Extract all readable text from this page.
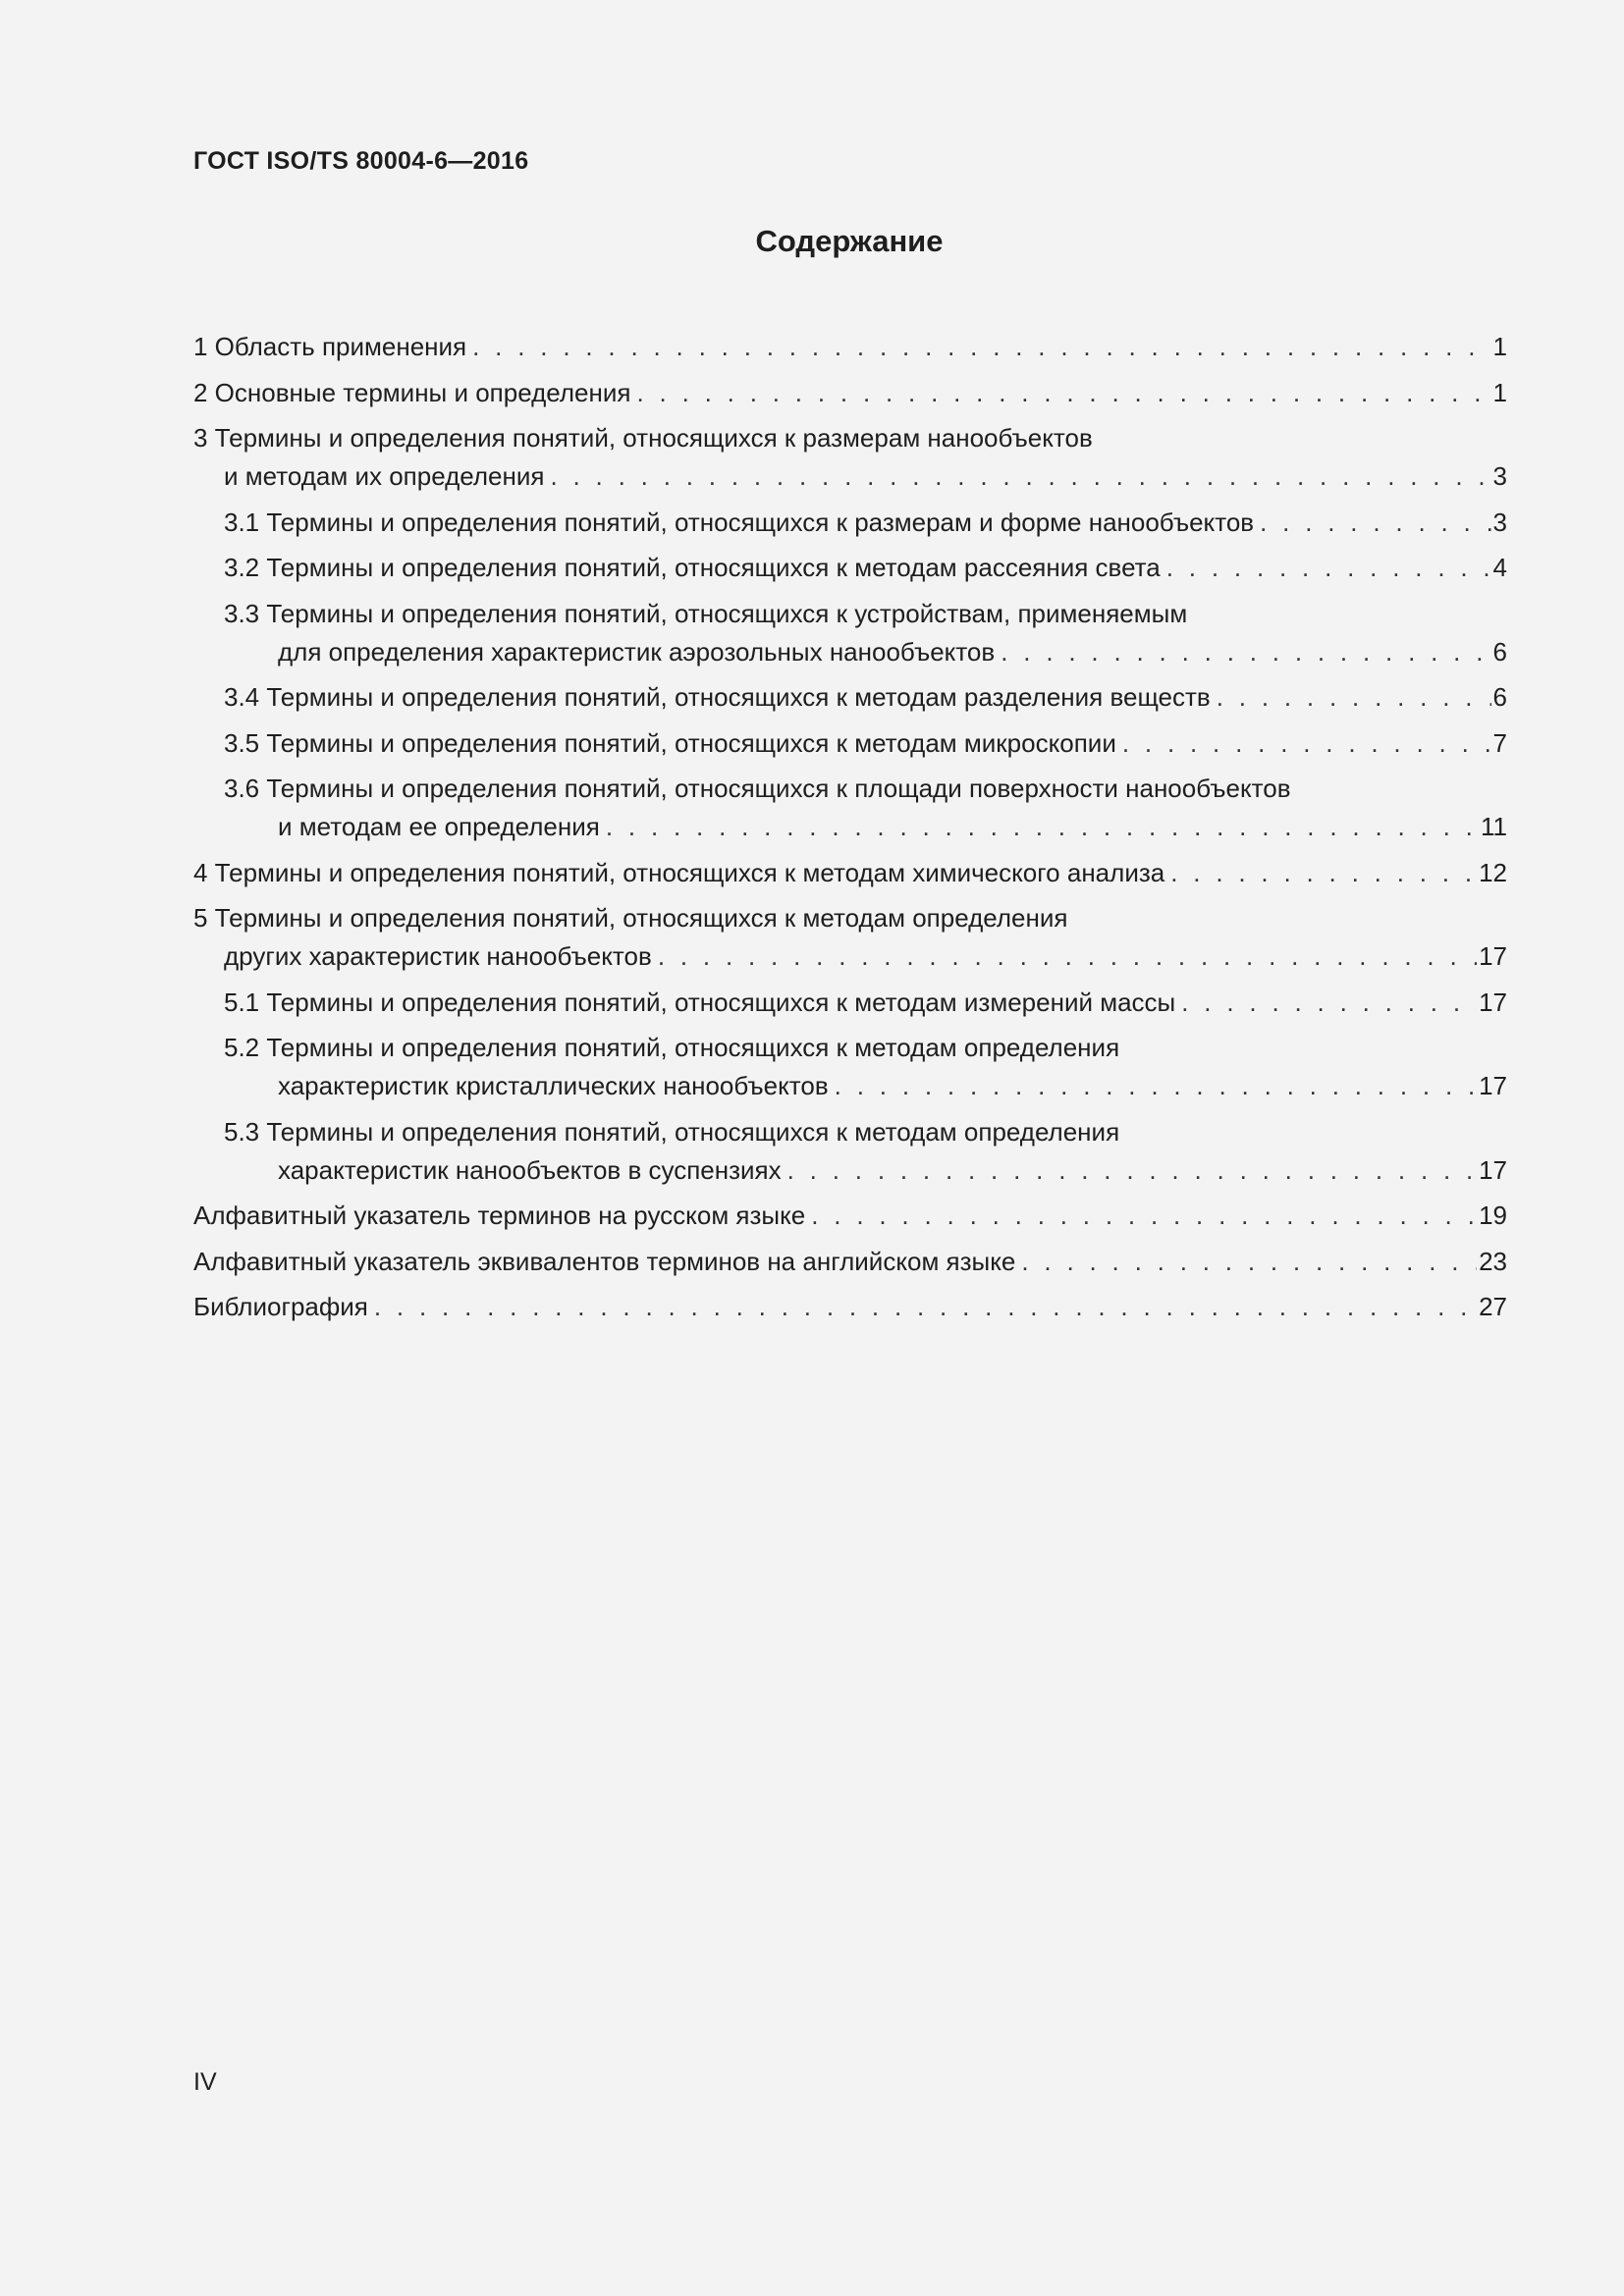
ГОСТ ISO/TS 80004-6—2016
Содержание
1 Область применения . . .	1
2 Основные термины и определения . . .	1
3 Термины и определения понятий, относящихся к размерам нанообъектов
и методам их определения . . .	3
3.1 Термины и определения понятий, относящихся к размерам и форме нанообъектов . . .	3
3.2 Термины и определения понятий, относящихся к методам рассеяния света . . .	4
3.3 Термины и определения понятий, относящихся к устройствам, применяемым
для определения характеристик аэрозольных нанообъектов . . .	6
3.4 Термины и определения понятий, относящихся к методам разделения веществ . . .	6
3.5 Термины и определения понятий, относящихся к методам микроскопии . . .	7
3.6 Термины и определения понятий, относящихся к площади поверхности нанообъектов
и методам ее определения . . .	11
4 Термины и определения понятий, относящихся к методам химического анализа . . .	12
5 Термины и определения понятий, относящихся к методам определения
других характеристик нанообъектов . . .	17
5.1 Термины и определения понятий, относящихся к методам измерений массы . . .	17
5.2 Термины и определения понятий, относящихся к методам определения
характеристик кристаллических нанообъектов . . .	17
5.3 Термины и определения понятий, относящихся к методам определения
характеристик нанообъектов в суспензиях . . .	17
Алфавитный указатель терминов на русском языке . . .	19
Алфавитный указатель эквивалентов терминов на английском языке . . .	23
Библиография . . .	27
IV
